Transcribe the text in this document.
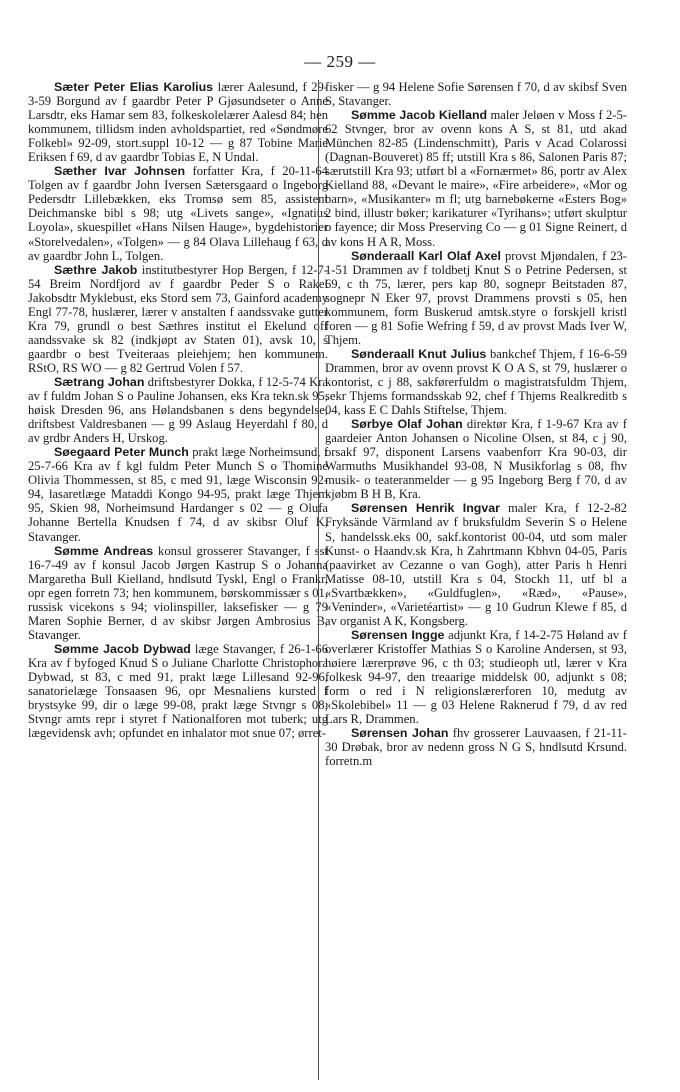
— 259 —

Sæter Peter Elias Karolius lærer Aalesund, f 29-3-59 Borgund av f gaardbr Peter P Gjøsundseter o Anne Larsdtr, eks Hamar sem 83, folkeskolelærer Aalesd 84; hen kommunem, tillidsm inden avholdspartiet, red «Søndmøre Folkebl» 92-09, stort.suppl 10-12 — g 87 Tobine Marie Eriksen f 69, d av gaardbr Tobias E, N Undal.

Sæther Ivar Johnsen forfatter Kra, f 20-11-64 Tolgen av f gaardbr John Iversen Sætersgaard o Ingeborg Pedersdtr Lillebækken, eks Tromsø sem 85, assistent Deichmanske bibl s 98; utg «Livets sange», «Ignatius Loyola», skuespillet «Hans Nilsen Hauge», bygdehistorier «Storelvedalen», «Tolgen» — g 84 Olava Lillehaug f 63, d av gaardbr John L, Tolgen.

Sæthre Jakob institutbestyrer Hop Bergen, f 12-7-54 Breim Nordfjord av f gaardbr Peder S o Rakel Jakobsdtr Myklebust, eks Stord sem 73, Gainford academy Engl 77-78, huslærer, lærer v anstalten f aandssvake gutter Kra 79, grundl o best Sæthres institut el Ekelund off aandssvake sk 82 (indkjøpt av Staten 01), avsk 10, s gaardbr o best Tveiteraas pleiehjem; hen kommunem. RStO, RS WO — g 82 Gertrud Volen f 57.

Sætrang Johan driftsbestyrer Dokka, f 12-5-74 Kra av f fuldm Johan S o Pauline Johansen, eks Kra tekn.sk 95, høisk Dresden 96, ans Hølandsbanen s dens begyndelse, driftsbest Valdresbanen — g 99 Aslaug Heyerdahl f 80, d av grdbr Anders H, Urskog.

Søegaard Peter Munch prakt læge Norheimsund, f 25-7-66 Kra av f kgl fuldm Peter Munch S o Thomine Olivia Thommessen, st 85, c med 91, læge Wisconsin 92-94, lasaretlæge Mataddi Kongo 94-95, prakt læge Thjem 95, Skien 98, Norheimsund Hardanger s 02 — g Olufa Johanne Bertella Knudsen f 74, d av skibsr Oluf K, Stavanger.

Sømme Andreas konsul grosserer Stavanger, f sst 16-7-49 av f konsul Jacob Jørgen Kastrup S o Johanna Margaretha Bull Kielland, hndlsutd Tyskl, Engl o Frankr, opr egen forretn 73; hen kommunem, børskommissær s 01, russisk vicekons s 94; violinspiller, laksefisker — g 79 Maren Sophie Berner, d av skibsr Jørgen Ambrosius B, Stavanger.

Sømme Jacob Dybwad læge Stavanger, f 26-1-66 Kra av f byfoged Knud S o Juliane Charlotte Christophora Dybwad, st 83, c med 91, prakt læge Lillesand 92-96, sanatorielæge Tonsaasen 96, opr Mesnaliens kursted f brystsyke 99, dir o læge 99-08, prakt læge Stvngr s 08; Stvngr amts repr i styret f Nationalforen mot tuberk; utg lægevidensk avh; opfundet en inhalator mot snue 07; ørret-

fisker — g 94 Helene Sofie Sørensen f 70, d av skibsf Sven S, Stavanger.

Sømme Jacob Kielland maler Jeløen v Moss f 2-5-62 Stvnger, bror av ovenn kons A S, st 81, utd akad München 82-85 (Lindenschmitt), Paris v Acad Colarossi (Dagnan-Bouveret) 85 ff; utstill Kra s 86, Salonen Paris 87; særutstill Kra 93; utført bl a «Fornærmet» 86, portr av Alex Kielland 88, «Devant le maire», «Fire arbeidere», «Mor og barn», «Musikanter» m fl; utg barnebøkerne «Esters Bog» 2 bind, illustr bøker; karikaturer «Tyrihans»; utført skulptur o fayence; dir Moss Preserving Co — g 01 Signe Reinert, d av kons H A R, Moss.

Sønderaall Karl Olaf Axel provst Mjøndalen, f 23-1-51 Drammen av f toldbetj Knut S o Petrine Pedersen, st 69, c th 75, lærer, pers kap 80, sognepr Beitstaden 87, sognepr N Eker 97, provst Drammens provsti s 05, hen kommunem, form Buskerud amtsk.styre o forskjell kristl foren — g 81 Sofie Wefring f 59, d av provst Mads Iver W, Thjem.

Sønderaall Knut Julius bankchef Thjem, f 16-6-59 Drammen, bror av ovenn provst K O A S, st 79, huslærer o kontorist, c j 88, sakførerfuldm o magistratsfuldm Thjem, sekr Thjems formandsskab 92, chef f Thjems Realkreditb s 04, kass E C Dahls Stiftelse, Thjem.

Sørbye Olaf Johan direktør Kra, f 1-9-67 Kra av f gaardeier Anton Johansen o Nicoline Olsen, st 84, c j 90, orsakf 97, disponent Larsens vaabenforr Kra 90-03, dir Warmuths Musikhandel 93-08, N Musikforlag s 08, fhv musik- o teateranmelder — g 95 Ingeborg Berg f 70, d av kjøbm B H B, Kra.

Sørensen Henrik Ingvar maler Kra, f 12-2-82 Fryksände Värmland av f bruksfuldm Severin S o Helene S, handelssk.eks 00, sakf.kontorist 00-04, utd som maler Kunst- o Haandv.sk Kra, h Zahrtmann Kbhvn 04-05, Paris (paavirket av Cezanne o van Gogh), atter Paris h Henri Matisse 08-10, utstill Kra s 04, Stockh 11, utf bl a «Svartbækken», «Guldfuglen», «Ræd», «Pause», «Veninder», «Varietéartist» — g 10 Gudrun Klewe f 85, d av organist A K, Kongsberg.

Sørensen Ingge adjunkt Kra, f 14-2-75 Høland av f overlærer Kristoffer Mathias S o Karoline Andersen, st 93, høiere lærerprøve 96, c th 03; studieoph utl, lærer v Kra folkesk 94-97, den treaarige middelsk 00, adjunkt s 08; form o red i N religionslærerforen 10, medutg av «Skolebibel» 11 — g 03 Helene Raknerud f 79, d av red Lars R, Drammen.

Sørensen Johan fhv grosserer Lauvaasen, f 21-11-30 Drøbak, bror av nedenn gross N G S, hndlsutd Krsund. forretn.m
